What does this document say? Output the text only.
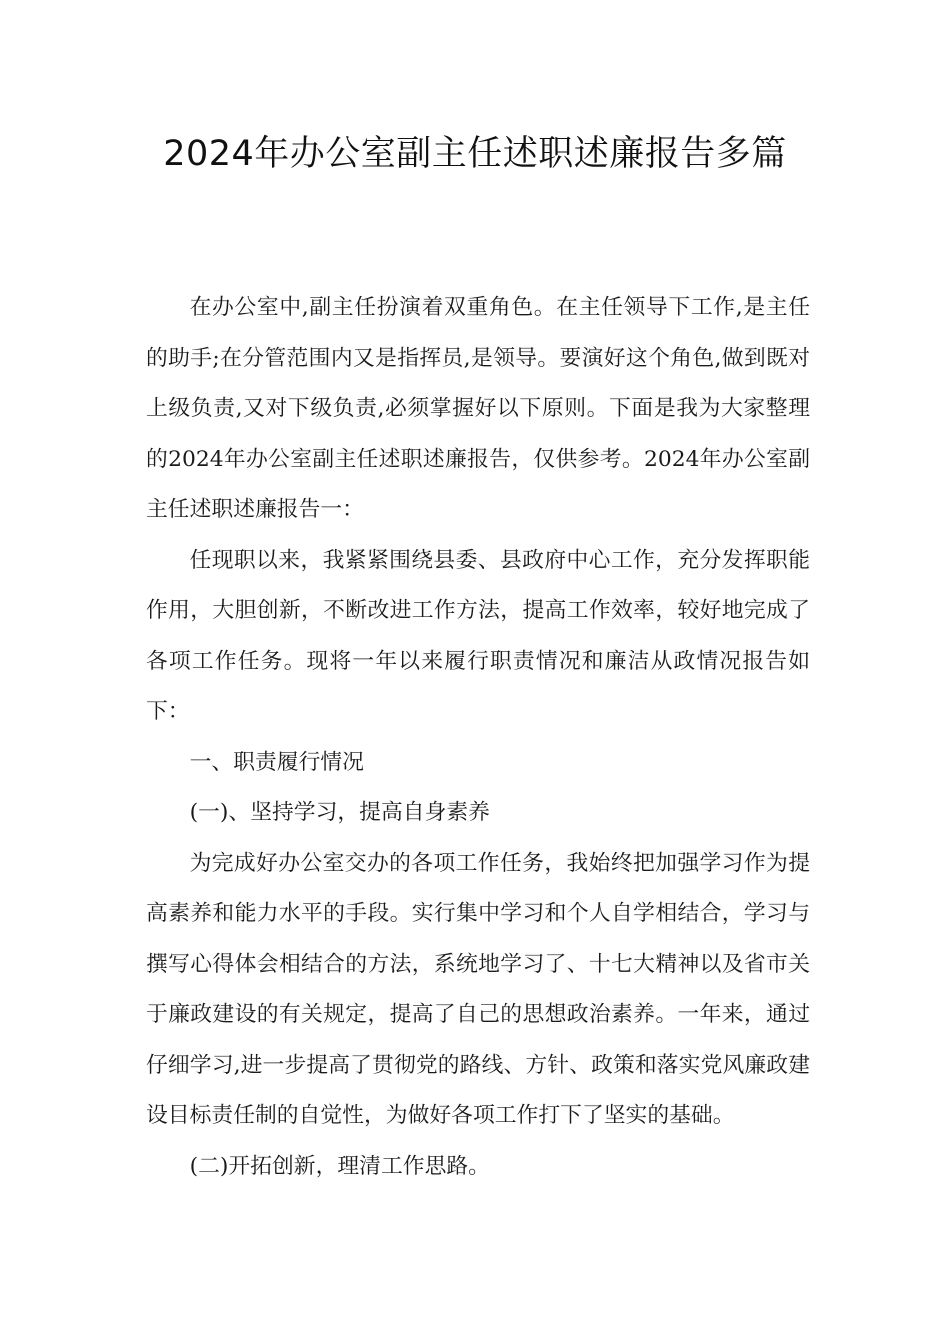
2024年办公室副主任述职述廉报告多篇

在办公室中,副主任扮演着双重角色。在主任领导下工作,是主任的助手;在分管范围内又是指挥员,是领导。要演好这个角色,做到既对上级负责,又对下级负责,必须掌握好以下原则。下面是我为大家整理的2024年办公室副主任述职述廉报告，仅供参考。2024年办公室副主任述职述廉报告一：

任现职以来，我紧紧围绕县委、县政府中心工作，充分发挥职能作用，大胆创新，不断改进工作方法，提高工作效率，较好地完成了各项工作任务。现将一年以来履行职责情况和廉洁从政情况报告如下：

一、职责履行情况

(一)、坚持学习，提高自身素养

为完成好办公室交办的各项工作任务，我始终把加强学习作为提高素养和能力水平的手段。实行集中学习和个人自学相结合，学习与撰写心得体会相结合的方法，系统地学习了、十七大精神以及省市关于廉政建设的有关规定，提高了自己的思想政治素养。一年来，通过仔细学习,进一步提高了贯彻党的路线、方针、政策和落实党风廉政建设目标责任制的自觉性，为做好各项工作打下了坚实的基础。

(二)开拓创新，理清工作思路。
